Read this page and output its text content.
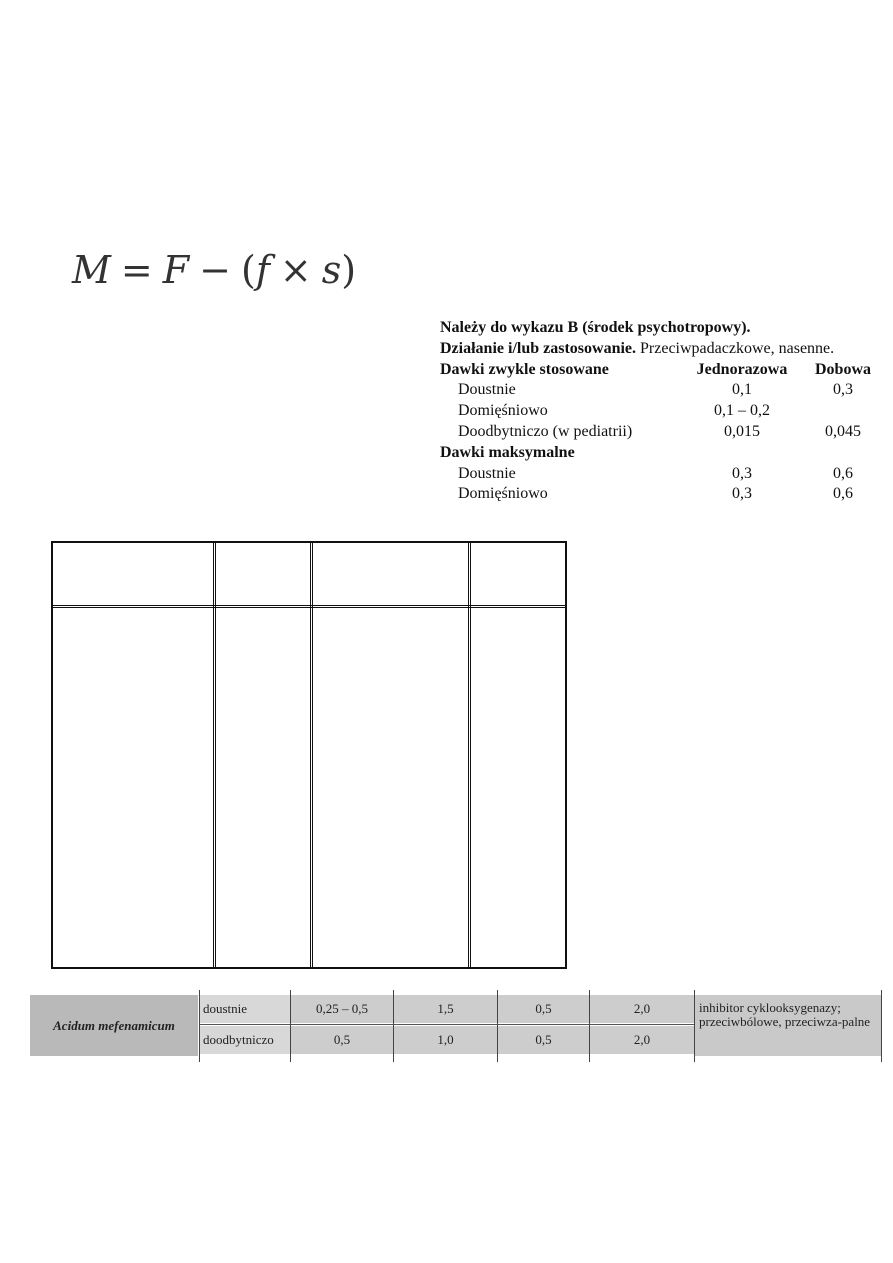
M = F − (f × s)
Należy do wykazu B (środek psychotropowy).
Działanie i/lub zastosowanie. Przeciwpadaczkowe, nasenne.
Dawki zwykle stosowane	Jednorazowa	Dobowa
Doustnie	0,1	0,3
Domięśniowo	0,1 – 0,2
Doodbytniczo (w pediatrii)	0,015	0,045
Dawki maksymalne
Doustnie	0,3	0,6
Domięśniowo	0,3	0,6
Acidum mefenamicum
doustnie	0,25 – 0,5	1,5	0,5	2,0
doodbytniczo	0,5	1,0	0,5	2,0
inhibitor cyklooksygenazy; przeciwbólowe, przeciwza-palne
